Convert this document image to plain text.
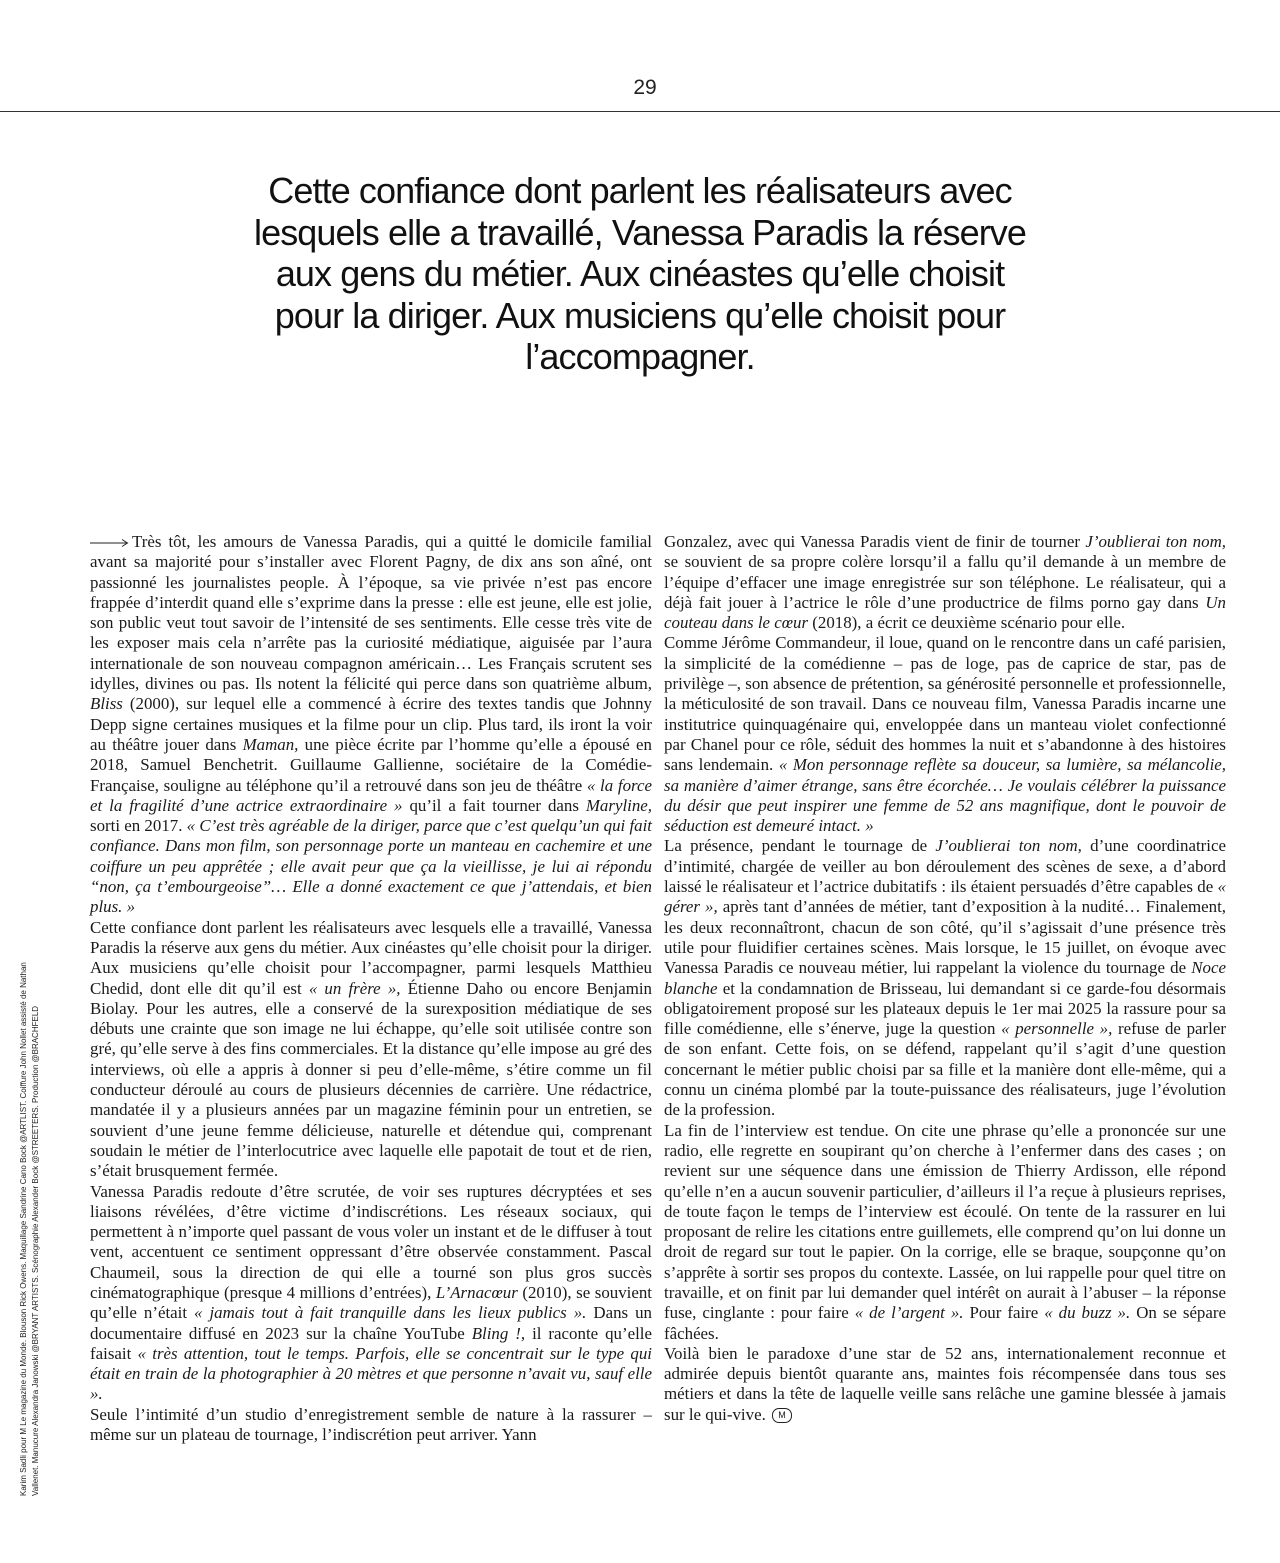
29
Cette confiance dont parlent les réalisateurs avec lesquels elle a travaillé, Vanessa Paradis la réserve aux gens du métier. Aux cinéastes qu’elle choisit pour la diriger. Aux musiciens qu’elle choisit pour l’accompagner.
Karim Sadli pour M Le magazine du Monde. Blouson Rick Owens. Maquillage Sandrine Cano Bock @ARTLIST. Coiffure John Nollet assisté de Nathan Vallenet. Manucure Alexandra Janowski @BRYANT ARTISTS. Scénographie Alexander Bock @STREETERS. Production @BRACHFELD

Très tôt, les amours de Vanessa Paradis, qui a quitté le domicile familial avant sa majorité pour s’installer avec Florent Pagny, de dix ans son aîné, ont passionné les journalistes people. À l’époque, sa vie privée n’est pas encore frappée d’interdit quand elle s’exprime dans la presse : elle est jeune, elle est jolie, son public veut tout savoir de l’intensité de ses sentiments. Elle cesse très vite de les exposer mais cela n’arrête pas la curiosité médiatique, aiguisée par l’aura internationale de son nouveau compagnon américain… Les Français scrutent ses idylles, divines ou pas. Ils notent la félicité qui perce dans son quatrième album, Bliss (2000), sur lequel elle a commencé à écrire des textes tandis que Johnny Depp signe certaines musiques et la filme pour un clip. Plus tard, ils iront la voir au théâtre jouer dans Maman, une pièce écrite par l’homme qu’elle a épousé en 2018, Samuel Benchetrit. Guillaume Gallienne, sociétaire de la Comédie-Française, souligne au téléphone qu’il a retrouvé dans son jeu de théâtre « la force et la fragilité d’une actrice extraordinaire » qu’il a fait tourner dans Maryline, sorti en 2017. « C’est très agréable de la diriger, parce que c’est quelqu’un qui fait confiance. Dans mon film, son personnage porte un manteau en cachemire et une coiffure un peu apprêtée ; elle avait peur que ça la vieillisse, je lui ai répondu “non, ça t’embourgeoise”… Elle a donné exactement ce que j’attendais, et bien plus. »

Cette confiance dont parlent les réalisateurs avec lesquels elle a travaillé, Vanessa Paradis la réserve aux gens du métier. Aux cinéastes qu’elle choisit pour la diriger. Aux musiciens qu’elle choisit pour l’accompagner, parmi lesquels Matthieu Chedid, dont elle dit qu’il est « un frère », Étienne Daho ou encore Benjamin Biolay. Pour les autres, elle a conservé de la surexposition médiatique de ses débuts une crainte que son image ne lui échappe, qu’elle soit utilisée contre son gré, qu’elle serve à des fins commerciales. Et la distance qu’elle impose au gré des interviews, où elle a appris à donner si peu d’elle-même, s’étire comme un fil conducteur déroulé au cours de plusieurs décennies de carrière. Une rédactrice, mandatée il y a plusieurs années par un magazine féminin pour un entretien, se souvient d’une jeune femme délicieuse, naturelle et détendue qui, comprenant soudain le métier de l’interlocutrice avec laquelle elle papotait de tout et de rien, s’était brusquement fermée.

Vanessa Paradis redoute d’être scrutée, de voir ses ruptures décryptées et ses liaisons révélées, d’être victime d’indiscrétions. Les réseaux sociaux, qui permettent à n’importe quel passant de vous voler un instant et de le diffuser à tout vent, accentuent ce sentiment oppressant d’être observée constamment. Pascal Chaumeil, sous la direction de qui elle a tourné son plus gros succès cinématographique (presque 4 millions d’entrées), L’Arnacœur (2010), se souvient qu’elle n’était « jamais tout à fait tranquille dans les lieux publics ». Dans un documentaire diffusé en 2023 sur la chaîne YouTube Bling !, il raconte qu’elle faisait « très attention, tout le temps. Parfois, elle se concentrait sur le type qui était en train de la photographier à 20 mètres et que personne n’avait vu, sauf elle ».

Seule l’intimité d’un studio d’enregistrement semble de nature à la rassurer – même sur un plateau de tournage, l’indiscrétion peut arriver. Yann

Gonzalez, avec qui Vanessa Paradis vient de finir de tourner J’oublierai ton nom, se souvient de sa propre colère lorsqu’il a fallu qu’il demande à un membre de l’équipe d’effacer une image enregistrée sur son téléphone. Le réalisateur, qui a déjà fait jouer à l’actrice le rôle d’une productrice de films porno gay dans Un couteau dans le cœur (2018), a écrit ce deuxième scénario pour elle.

Comme Jérôme Commandeur, il loue, quand on le rencontre dans un café parisien, la simplicité de la comédienne – pas de loge, pas de caprice de star, pas de privilège –, son absence de prétention, sa générosité personnelle et professionnelle, la méticulosité de son travail. Dans ce nouveau film, Vanessa Paradis incarne une institutrice quinquagénaire qui, enveloppée dans un manteau violet confectionné par Chanel pour ce rôle, séduit des hommes la nuit et s’abandonne à des histoires sans lendemain. « Mon personnage reflète sa douceur, sa lumière, sa mélancolie, sa manière d’aimer étrange, sans être écorchée… Je voulais célébrer la puissance du désir que peut inspirer une femme de 52 ans magnifique, dont le pouvoir de séduction est demeuré intact. »

La présence, pendant le tournage de J’oublierai ton nom, d’une coordinatrice d’intimité, chargée de veiller au bon déroulement des scènes de sexe, a d’abord laissé le réalisateur et l’actrice dubitatifs : ils étaient persuadés d’être capables de « gérer », après tant d’années de métier, tant d’exposition à la nudité… Finalement, les deux reconnaîtront, chacun de son côté, qu’il s’agissait d’une présence très utile pour fluidifier certaines scènes. Mais lorsque, le 15 juillet, on évoque avec Vanessa Paradis ce nouveau métier, lui rappelant la violence du tournage de Noce blanche et la condamnation de Brisseau, lui demandant si ce garde-fou désormais obligatoirement proposé sur les plateaux depuis le 1er mai 2025 la rassure pour sa fille comédienne, elle s’énerve, juge la question « personnelle », refuse de parler de son enfant. Cette fois, on se défend, rappelant qu’il s’agit d’une question concernant le métier public choisi par sa fille et la manière dont elle-même, qui a connu un cinéma plombé par la toute-puissance des réalisateurs, juge l’évolution de la profession.

La fin de l’interview est tendue. On cite une phrase qu’elle a prononcée sur une radio, elle regrette en soupirant qu’on cherche à l’enfermer dans des cases ; on revient sur une séquence dans une émission de Thierry Ardisson, elle répond qu’elle n’en a aucun souvenir particulier, d’ailleurs il l’a reçue à plusieurs reprises, de toute façon le temps de l’interview est écoulé. On tente de la rassurer en lui proposant de relire les citations entre guillemets, elle comprend qu’on lui donne un droit de regard sur tout le papier. On la corrige, elle se braque, soupçonne qu’on s’apprête à sortir ses propos du contexte. Lassée, on lui rappelle pour quel titre on travaille, et on finit par lui demander quel intérêt on aurait à l’abuser – la réponse fuse, cinglante : pour faire « de l’argent ». Pour faire « du buzz ». On se sépare fâchées.

Voilà bien le paradoxe d’une star de 52 ans, internationalement reconnue et admirée depuis bientôt quarante ans, maintes fois récompensée dans tous ses métiers et dans la tête de laquelle veille sans relâche une gamine blessée à jamais sur le qui-vive. M
